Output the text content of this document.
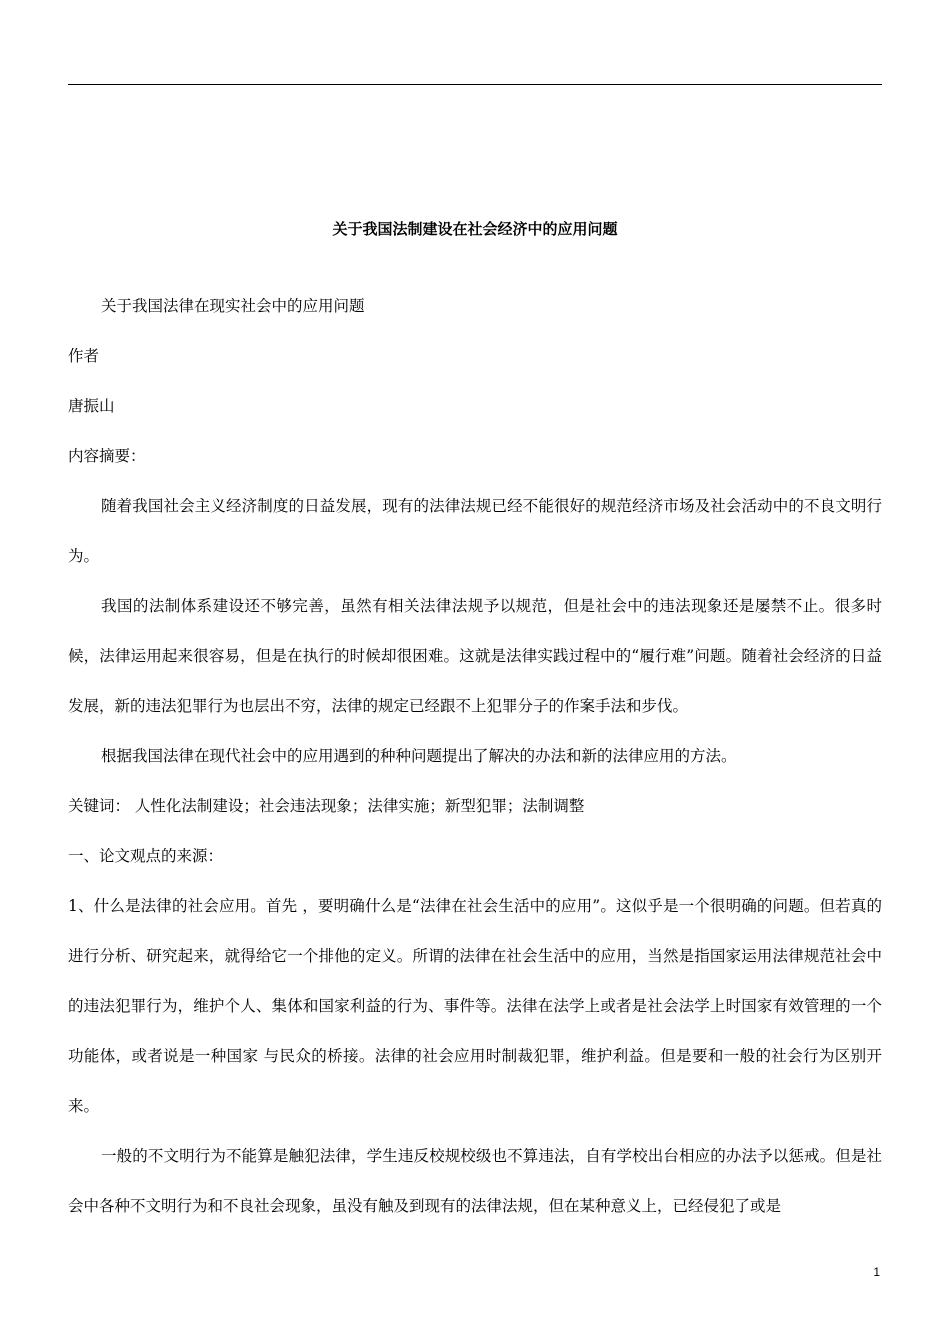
关于我国法制建设在社会经济中的应用问题

关于我国法律在现实社会中的应用问题

作者

唐振山

内容摘要：

随着我国社会主义经济制度的日益发展，现有的法律法规已经不能很好的规范经济市场及社会活动中的不良文明行为。

我国的法制体系建设还不够完善，虽然有相关法律法规予以规范，但是社会中的违法现象还是屡禁不止。很多时候，法律运用起来很容易，但是在执行的时候却很困难。这就是法律实践过程中的“履行难”问题。随着社会经济的日益发展，新的违法犯罪行为也层出不穷，法律的规定已经跟不上犯罪分子的作案手法和步伐。

根据我国法律在现代社会中的应用遇到的种种问题提出了解决的办法和新的法律应用的方法。

关键词： 人性化法制建设；社会违法现象；法律实施；新型犯罪；法制调整

一、论文观点的来源：

1、什么是法律的社会应用。首先 ，要明确什么是“法律在社会生活中的应用”。这似乎是一个很明确的问题。但若真的进行分析、研究起来，就得给它一个排他的定义。所谓的法律在社会生活中的应用，当然是指国家运用法律规范社会中的违法犯罪行为，维护个人、集体和国家利益的行为、事件等。法律在法学上或者是社会法学上时国家有效管理的一个功能体，或者说是一种国家 与民众的桥接。法律的社会应用时制裁犯罪，维护利益。但是要和一般的社会行为区别开来。

一般的不文明行为不能算是触犯法律，学生违反校规校级也不算违法，自有学校出台相应的办法予以惩戒。但是社会中各种不文明行为和不良社会现象，虽没有触及到现有的法律法规，但在某种意义上，已经侵犯了或是

1
